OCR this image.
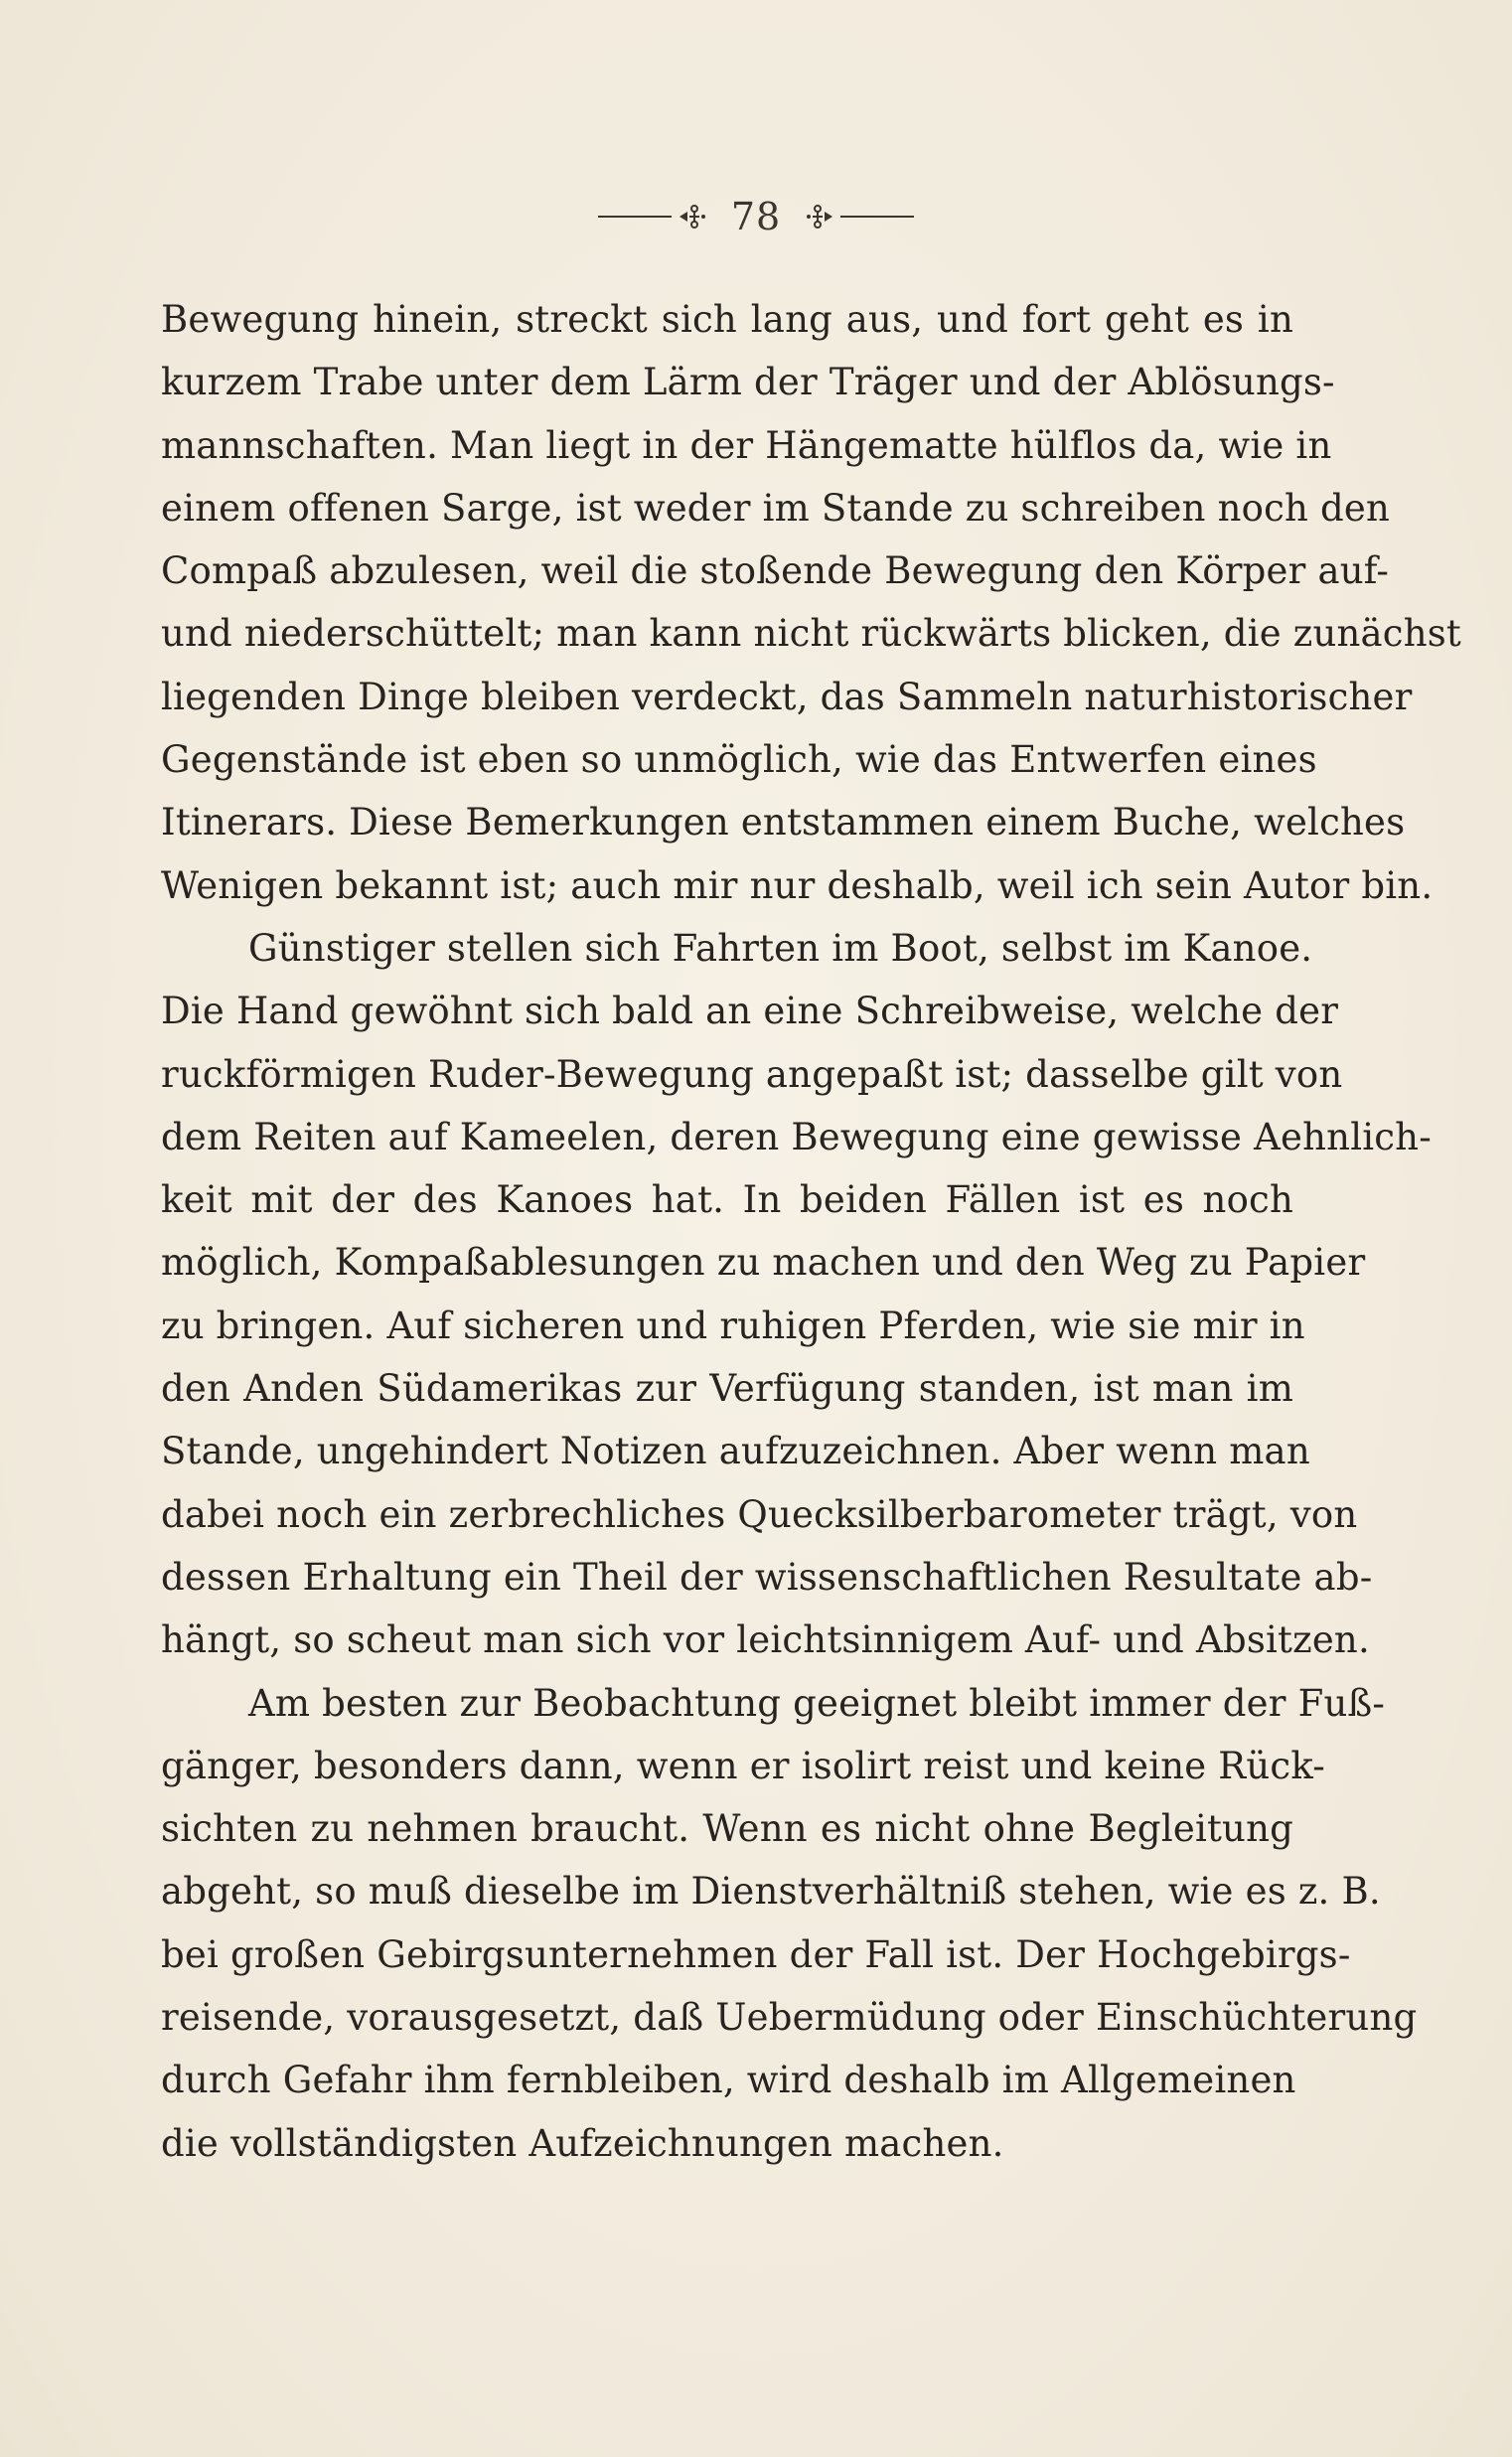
78
Bewegung hinein, streckt sich lang aus, und fort geht es in
kurzem Trabe unter dem Lärm der Träger und der Ablösungs-
mannschaften. Man liegt in der Hängematte hülflos da, wie in
einem offenen Sarge, ist weder im Stande zu schreiben noch den
Compaß abzulesen, weil die stoßende Bewegung den Körper auf-
und niederschüttelt; man kann nicht rückwärts blicken, die zunächst
liegenden Dinge bleiben verdeckt, das Sammeln naturhistorischer
Gegenstände ist eben so unmöglich, wie das Entwerfen eines
Itinerars. Diese Bemerkungen entstammen einem Buche, welches
Wenigen bekannt ist; auch mir nur deshalb, weil ich sein Autor bin.
Günstiger stellen sich Fahrten im Boot, selbst im Kanoe.
Die Hand gewöhnt sich bald an eine Schreibweise, welche der
ruckförmigen Ruder-Bewegung angepaßt ist; dasselbe gilt von
dem Reiten auf Kameelen, deren Bewegung eine gewisse Aehnlich-
keit mit der des Kanoes hat. In beiden Fällen ist es noch
möglich, Kompaßablesungen zu machen und den Weg zu Papier
zu bringen. Auf sicheren und ruhigen Pferden, wie sie mir in
den Anden Südamerikas zur Verfügung standen, ist man im
Stande, ungehindert Notizen aufzuzeichnen. Aber wenn man
dabei noch ein zerbrechliches Quecksilberbarometer trägt, von
dessen Erhaltung ein Theil der wissenschaftlichen Resultate ab-
hängt, so scheut man sich vor leichtsinnigem Auf- und Absitzen.
Am besten zur Beobachtung geeignet bleibt immer der Fuß-
gänger, besonders dann, wenn er isolirt reist und keine Rück-
sichten zu nehmen braucht. Wenn es nicht ohne Begleitung
abgeht, so muß dieselbe im Dienstverhältniß stehen, wie es z. B.
bei großen Gebirgsunternehmen der Fall ist. Der Hochgebirgs-
reisende, vorausgesetzt, daß Uebermüdung oder Einschüchterung
durch Gefahr ihm fernbleiben, wird deshalb im Allgemeinen
die vollständigsten Aufzeichnungen machen.
